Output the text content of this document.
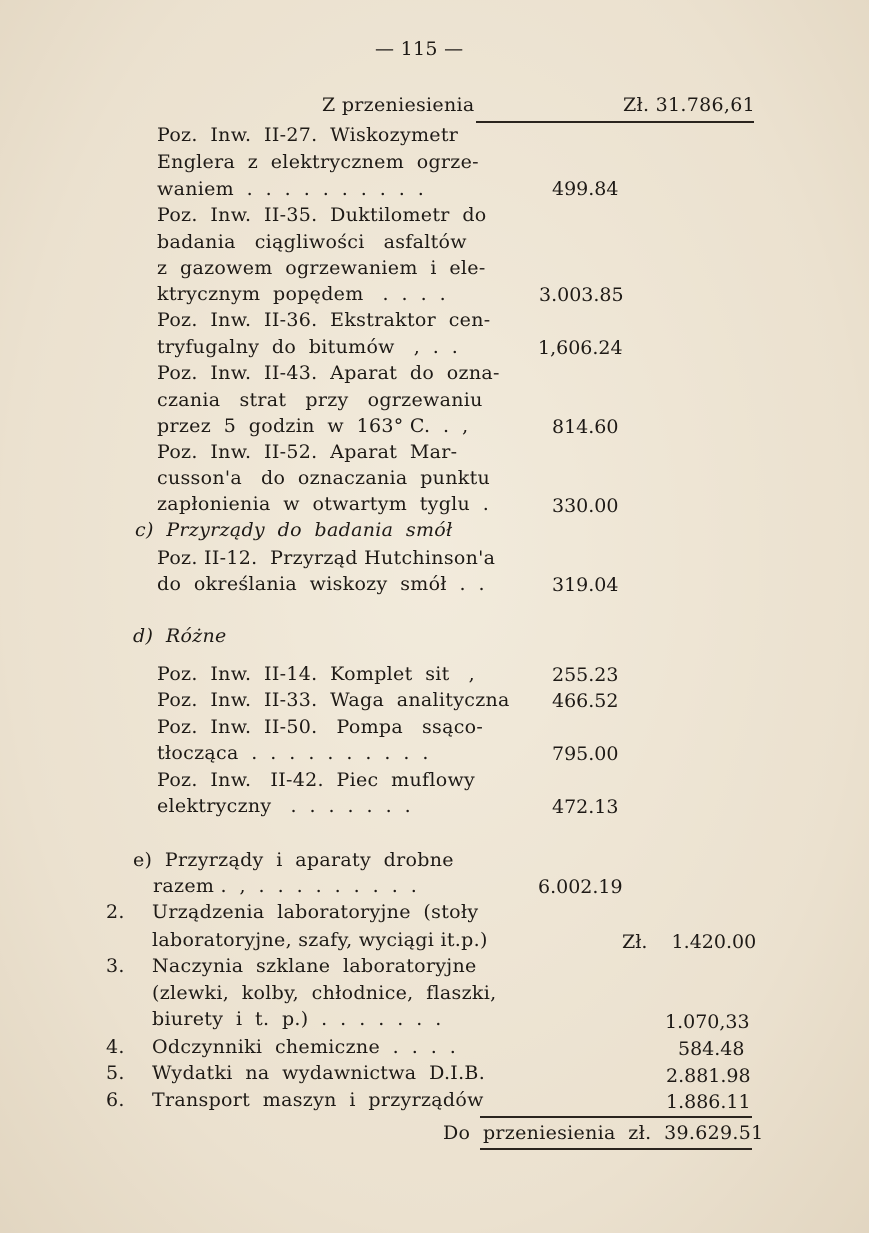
— 115 —
Z przeniesienia	Zł. 31.786,61
Poz.  Inw.  II-27.  Wiskozymetr
Englera  z  elektrycznem  ogrze-
waniem  .  .  .  .  .  .  .  .  .  .
Poz.  Inw.  II-35.  Duktilometr  do
badania   ciągliwości   asfaltów
z  gazowem  ogrzewaniem  i  ele-
ktrycznym  popędem   .  .  .  .
Poz.  Inw.  II-36.  Ekstraktor  cen-
tryfugalny  do  bitumów   ,  .  .
Poz.  Inw.  II-43.  Aparat  do  ozna-
czania   strat   przy   ogrzewaniu
przez  5  godzin  w  163° C.  .  ,
Poz.  Inw.  II-52.  Aparat  Mar-
cusson'a   do  oznaczania  punktu
zapłonienia  w  otwartym  tyglu  .
c)  Przyrządy  do  badania  smół
Poz. II-12.  Przyrząd Hutchinson'a
do  określania  wiskozy  smół  .  .
d)  Różne
Poz.  Inw.  II-14.  Komplet  sit   ,
Poz.  Inw.  II-33.  Waga  analityczna
Poz.  Inw.  II-50.   Pompa   ssąco-
tłocząca  .  .  .  .  .  .  .  .  .  .
Poz.  Inw.   II-42.  Piec  muflowy
elektryczny   .  .  .  .  .  .  .
e)  Przyrządy  i  aparaty  drobne
razem .  ,  .  .  .  .  .  .  .  .  .
2. Urządzenia  laboratoryjne  (stoły
laboratoryjne, szafy, wyciągi it.p.)
3. Naczynia  szklane  laboratoryjne
(zlewki,  kolby,  chłodnice,  flaszki,
biurety  i  t.  p.)  .  .  .  .  .  .  .
4. Odczynniki  chemiczne  .  .  .  .
5. Wydatki  na  wydawnictwa  D.I.B.
6. Transport  maszyn  i  przyrządów
499.84
3.003.85
1,606.24
814.60
330.00
319.04
255.23
466.52
795.00
472.13
6.002.19
Zł.    1.420.00
1.070,33
584.48
2.881.98
1.886.11
Do  przeniesienia  zł.  39.629.51
